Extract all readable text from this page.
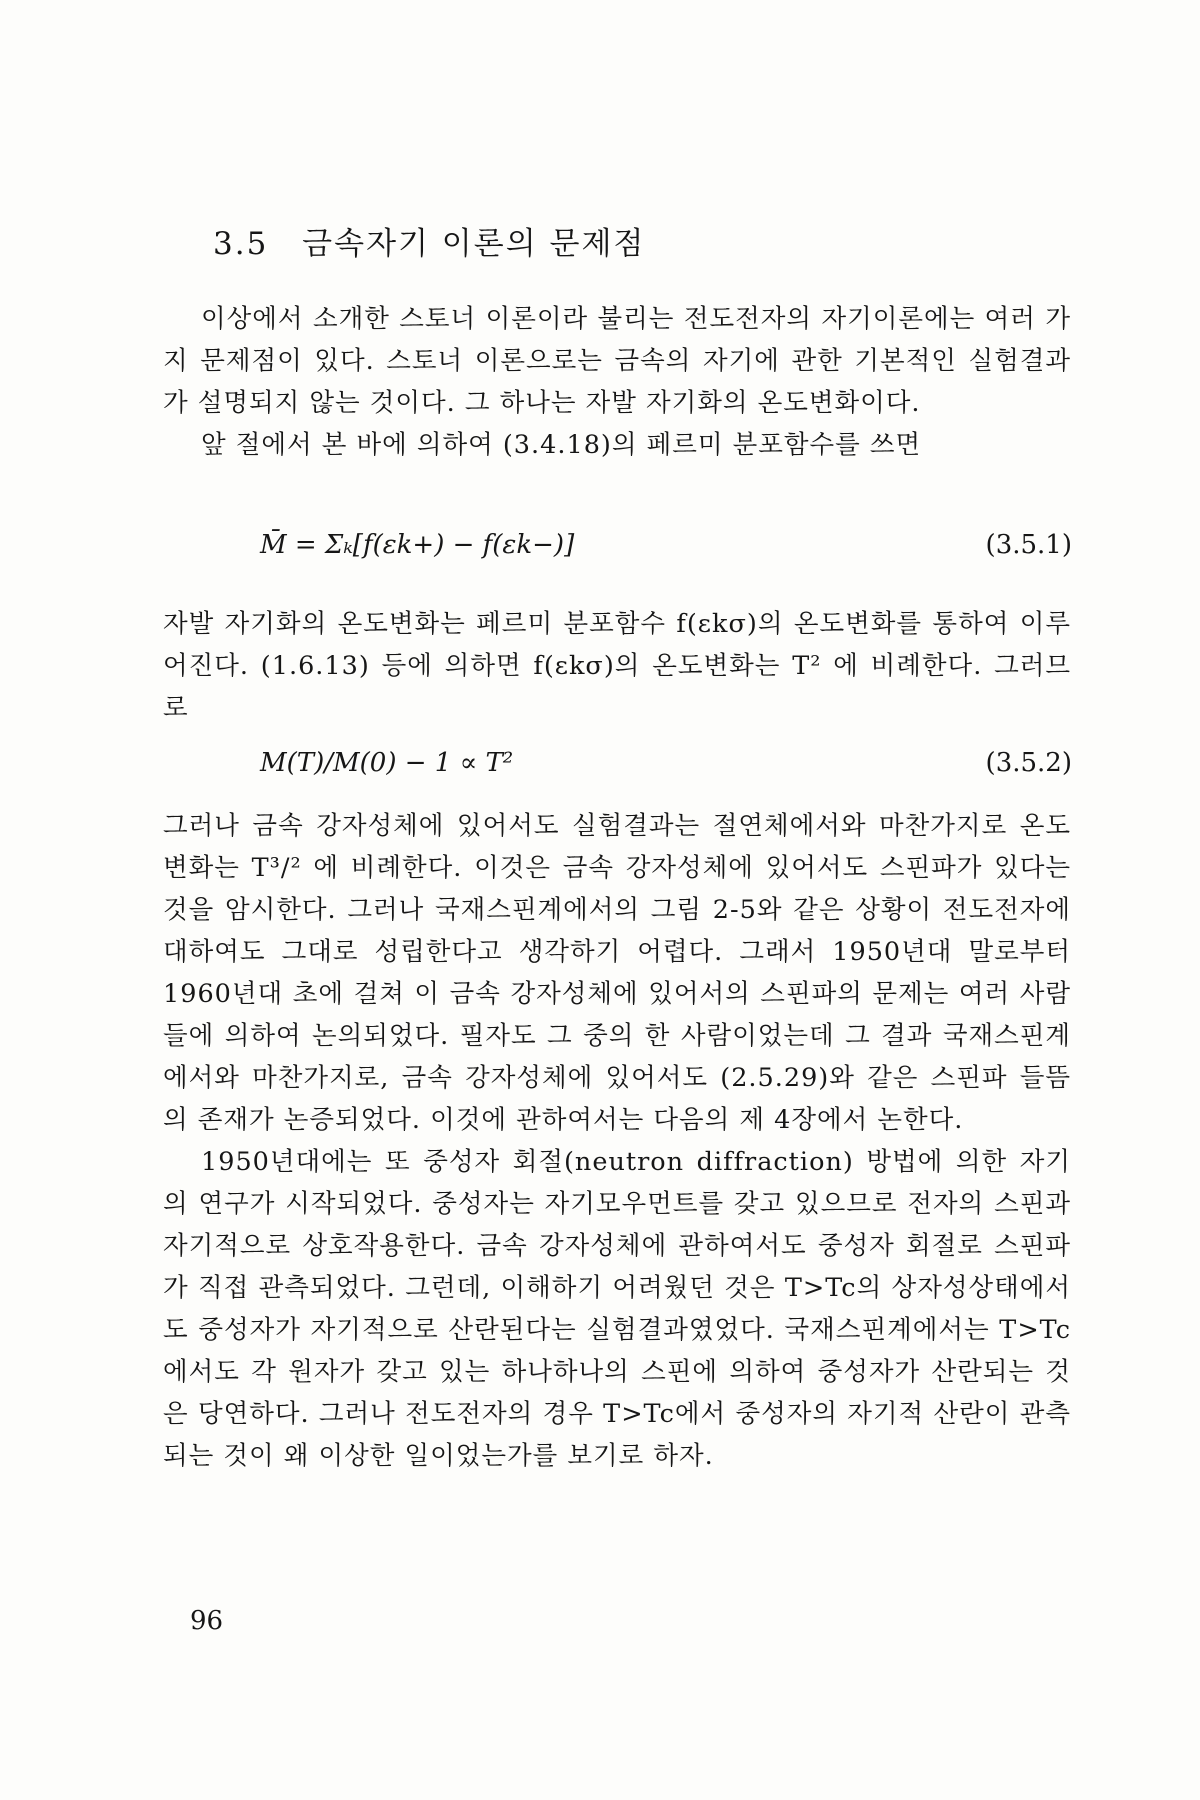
3.5 금속자기 이론의 문제점

이상에서 소개한 스토너 이론이라 불리는 전도전자의 자기이론에는 여러 가지 문제점이 있다. 스토너 이론으로는 금속의 자기에 관한 기본적인 실험결과가 설명되지 않는 것이다. 그 하나는 자발 자기화의 온도변화이다.

앞 절에서 본 바에 의하여 (3.4.18)의 페르미 분포함수를 쓰면

M̄ = Σₖ[f(εk+) − f(εk−)]	(3.5.1)

자발 자기화의 온도변화는 페르미 분포함수 f(εkσ)의 온도변화를 통하여 이루어진다. (1.6.13) 등에 의하면 f(εkσ)의 온도변화는 T² 에 비례한다. 그러므로

M(T)/M(0) − 1 ∝ T²	(3.5.2)

그러나 금속 강자성체에 있어서도 실험결과는 절연체에서와 마찬가지로 온도변화는 T³/² 에 비례한다. 이것은 금속 강자성체에 있어서도 스핀파가 있다는 것을 암시한다. 그러나 국재스핀계에서의 그림 2-5와 같은 상황이 전도전자에 대하여도 그대로 성립한다고 생각하기 어렵다. 그래서 1950년대 말로부터 1960년대 초에 걸쳐 이 금속 강자성체에 있어서의 스핀파의 문제는 여러 사람들에 의하여 논의되었다. 필자도 그 중의 한 사람이었는데 그 결과 국재스핀계에서와 마찬가지로, 금속 강자성체에 있어서도 (2.5.29)와 같은 스핀파 들뜸의 존재가 논증되었다. 이것에 관하여서는 다음의 제 4장에서 논한다.

1950년대에는 또 중성자 회절(neutron diffraction) 방법에 의한 자기의 연구가 시작되었다. 중성자는 자기모우먼트를 갖고 있으므로 전자의 스핀과 자기적으로 상호작용한다. 금속 강자성체에 관하여서도 중성자 회절로 스핀파가 직접 관측되었다. 그런데, 이해하기 어려웠던 것은 T>Tc의 상자성상태에서도 중성자가 자기적으로 산란된다는 실험결과였었다. 국재스핀계에서는 T>Tc에서도 각 원자가 갖고 있는 하나하나의 스핀에 의하여 중성자가 산란되는 것은 당연하다. 그러나 전도전자의 경우 T>Tc에서 중성자의 자기적 산란이 관측되는 것이 왜 이상한 일이었는가를 보기로 하자.

96
